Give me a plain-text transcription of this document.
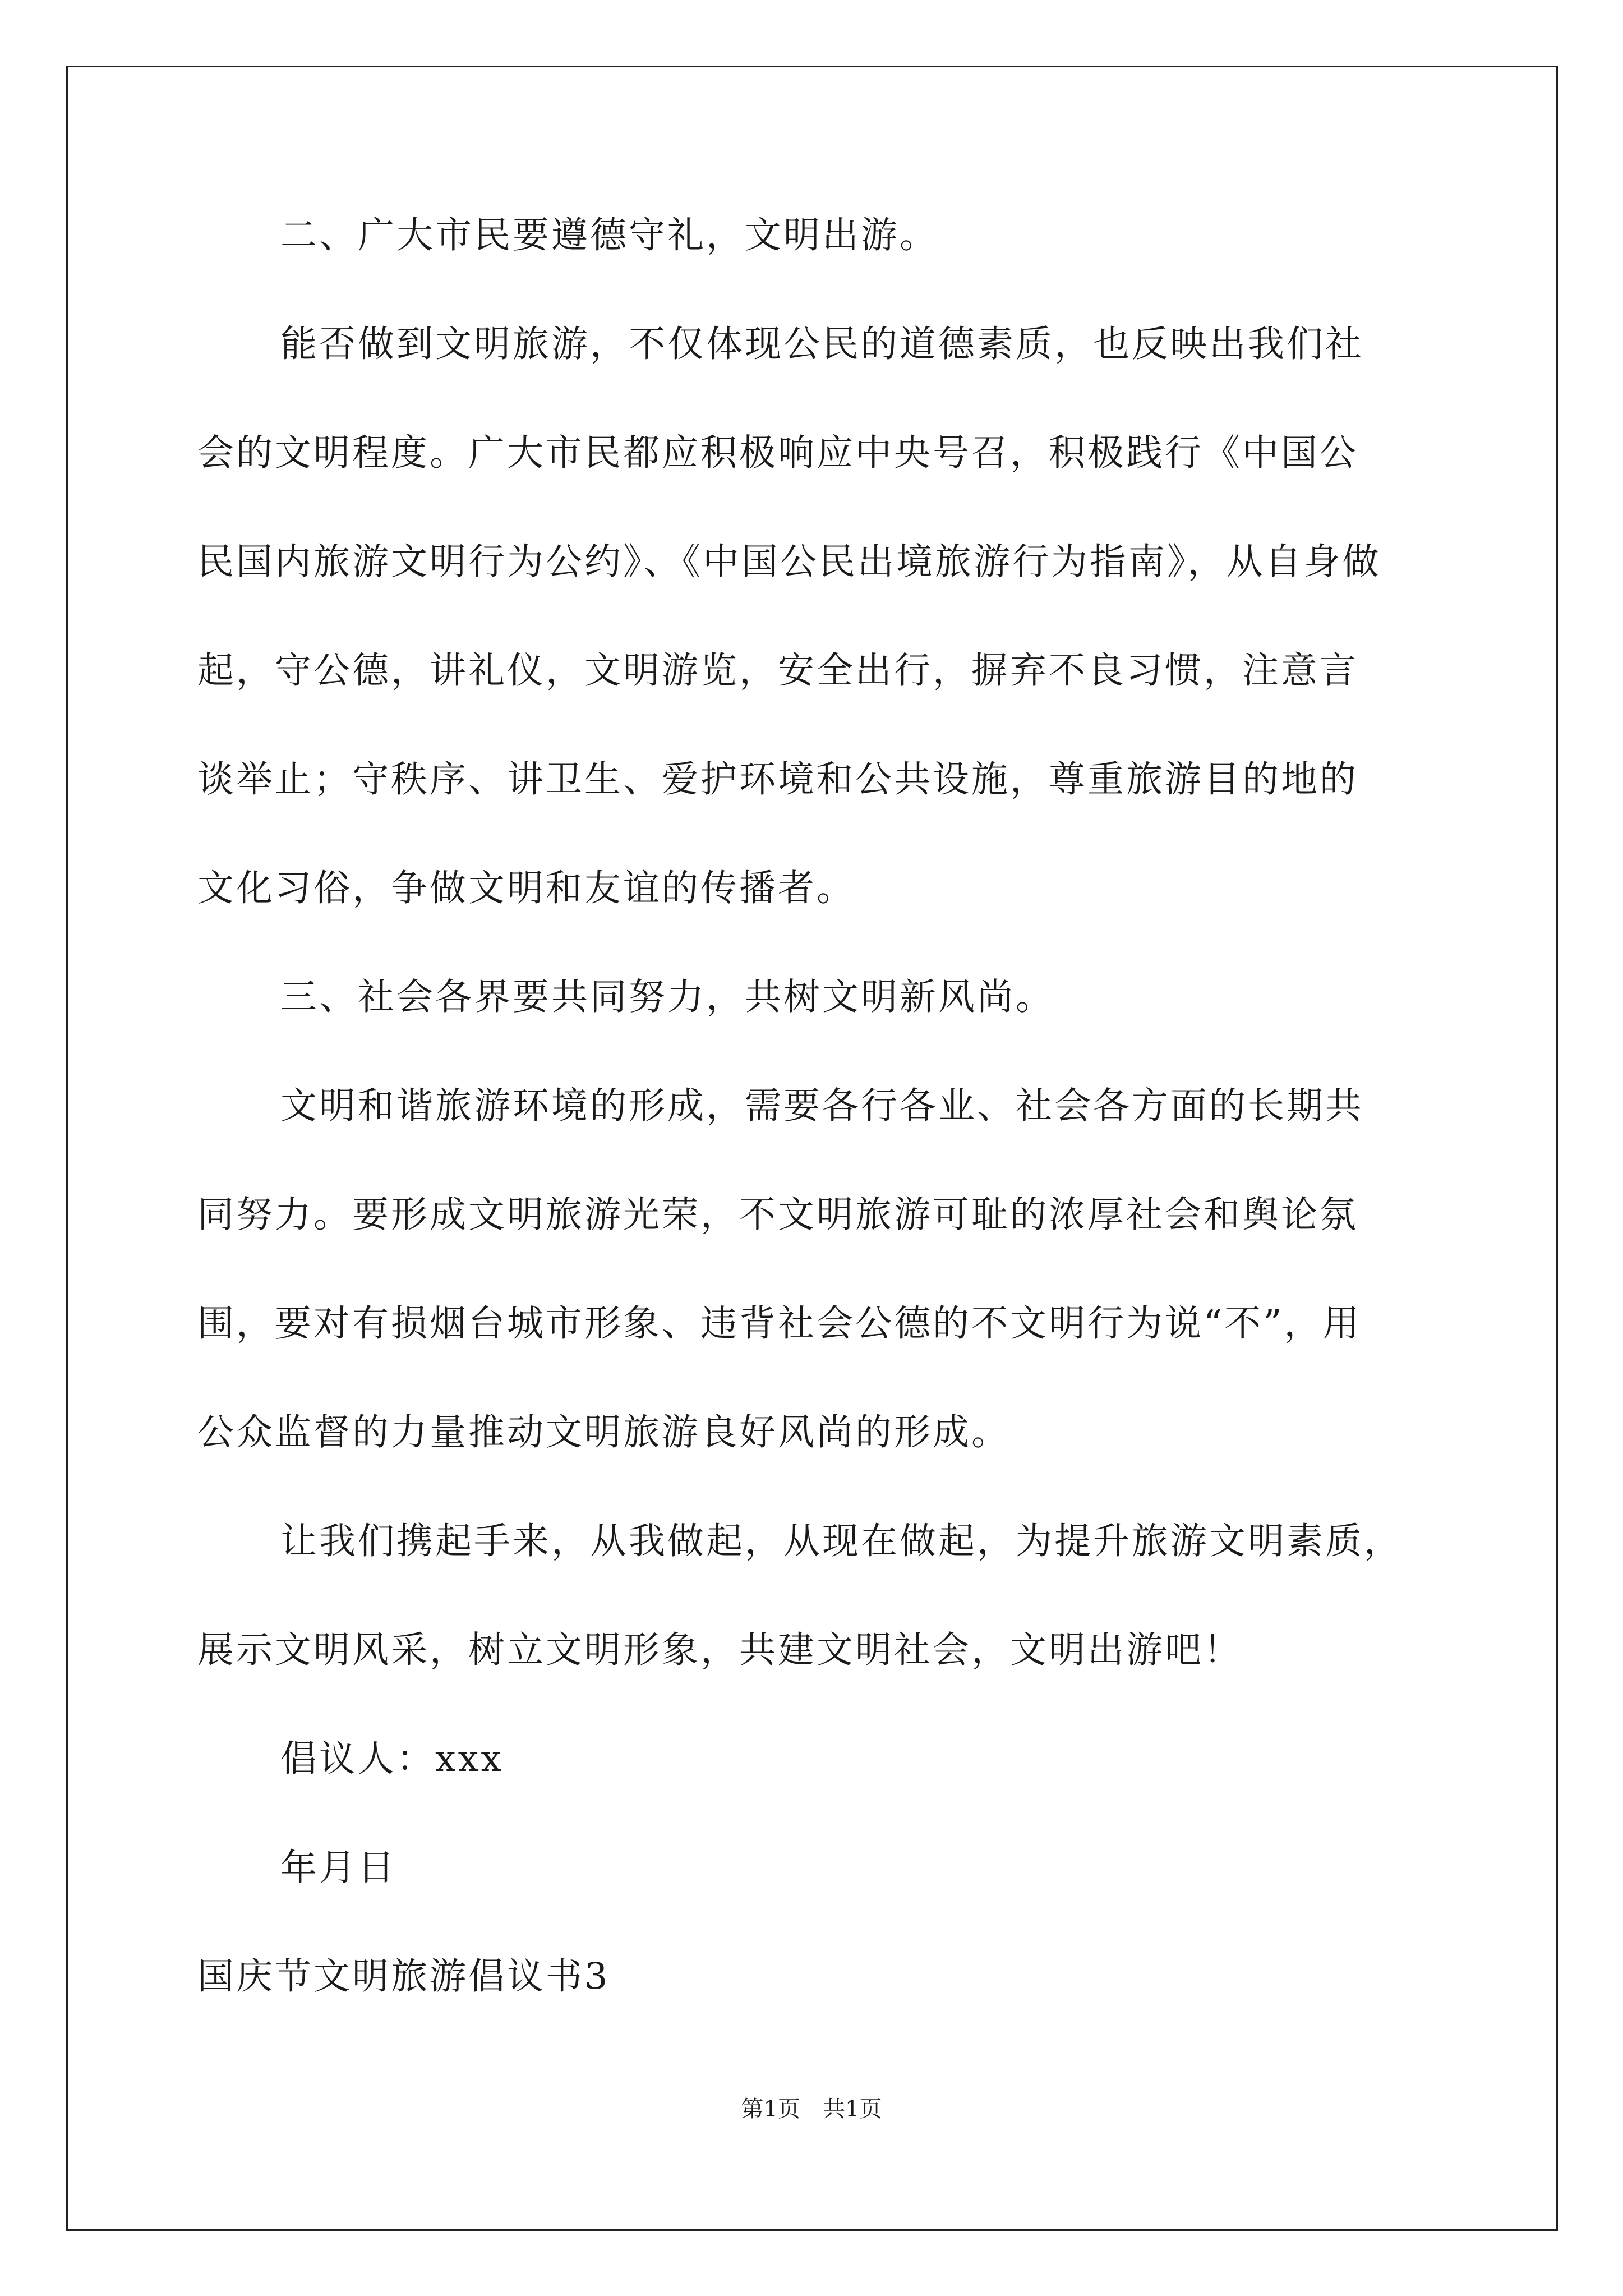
二、广大市民要遵德守礼，文明出游。
能否做到文明旅游，不仅体现公民的道德素质，也反映出我们社
会的文明程度。广大市民都应积极响应中央号召，积极践行《中国公
民国内旅游文明行为公约》、《中国公民出境旅游行为指南》，从自身做
起，守公德，讲礼仪，文明游览，安全出行，摒弃不良习惯，注意言
谈举止；守秩序、讲卫生、爱护环境和公共设施，尊重旅游目的地的
文化习俗，争做文明和友谊的传播者。
三、社会各界要共同努力，共树文明新风尚。
文明和谐旅游环境的形成，需要各行各业、社会各方面的长期共
同努力。要形成文明旅游光荣，不文明旅游可耻的浓厚社会和舆论氛
围，要对有损烟台城市形象、违背社会公德的不文明行为说“不”，用
公众监督的力量推动文明旅游良好风尚的形成。
让我们携起手来，从我做起，从现在做起，为提升旅游文明素质，
展示文明风采，树立文明形象，共建文明社会，文明出游吧！
倡议人：xxx
年月日
国庆节文明旅游倡议书3
第1页　共1页
